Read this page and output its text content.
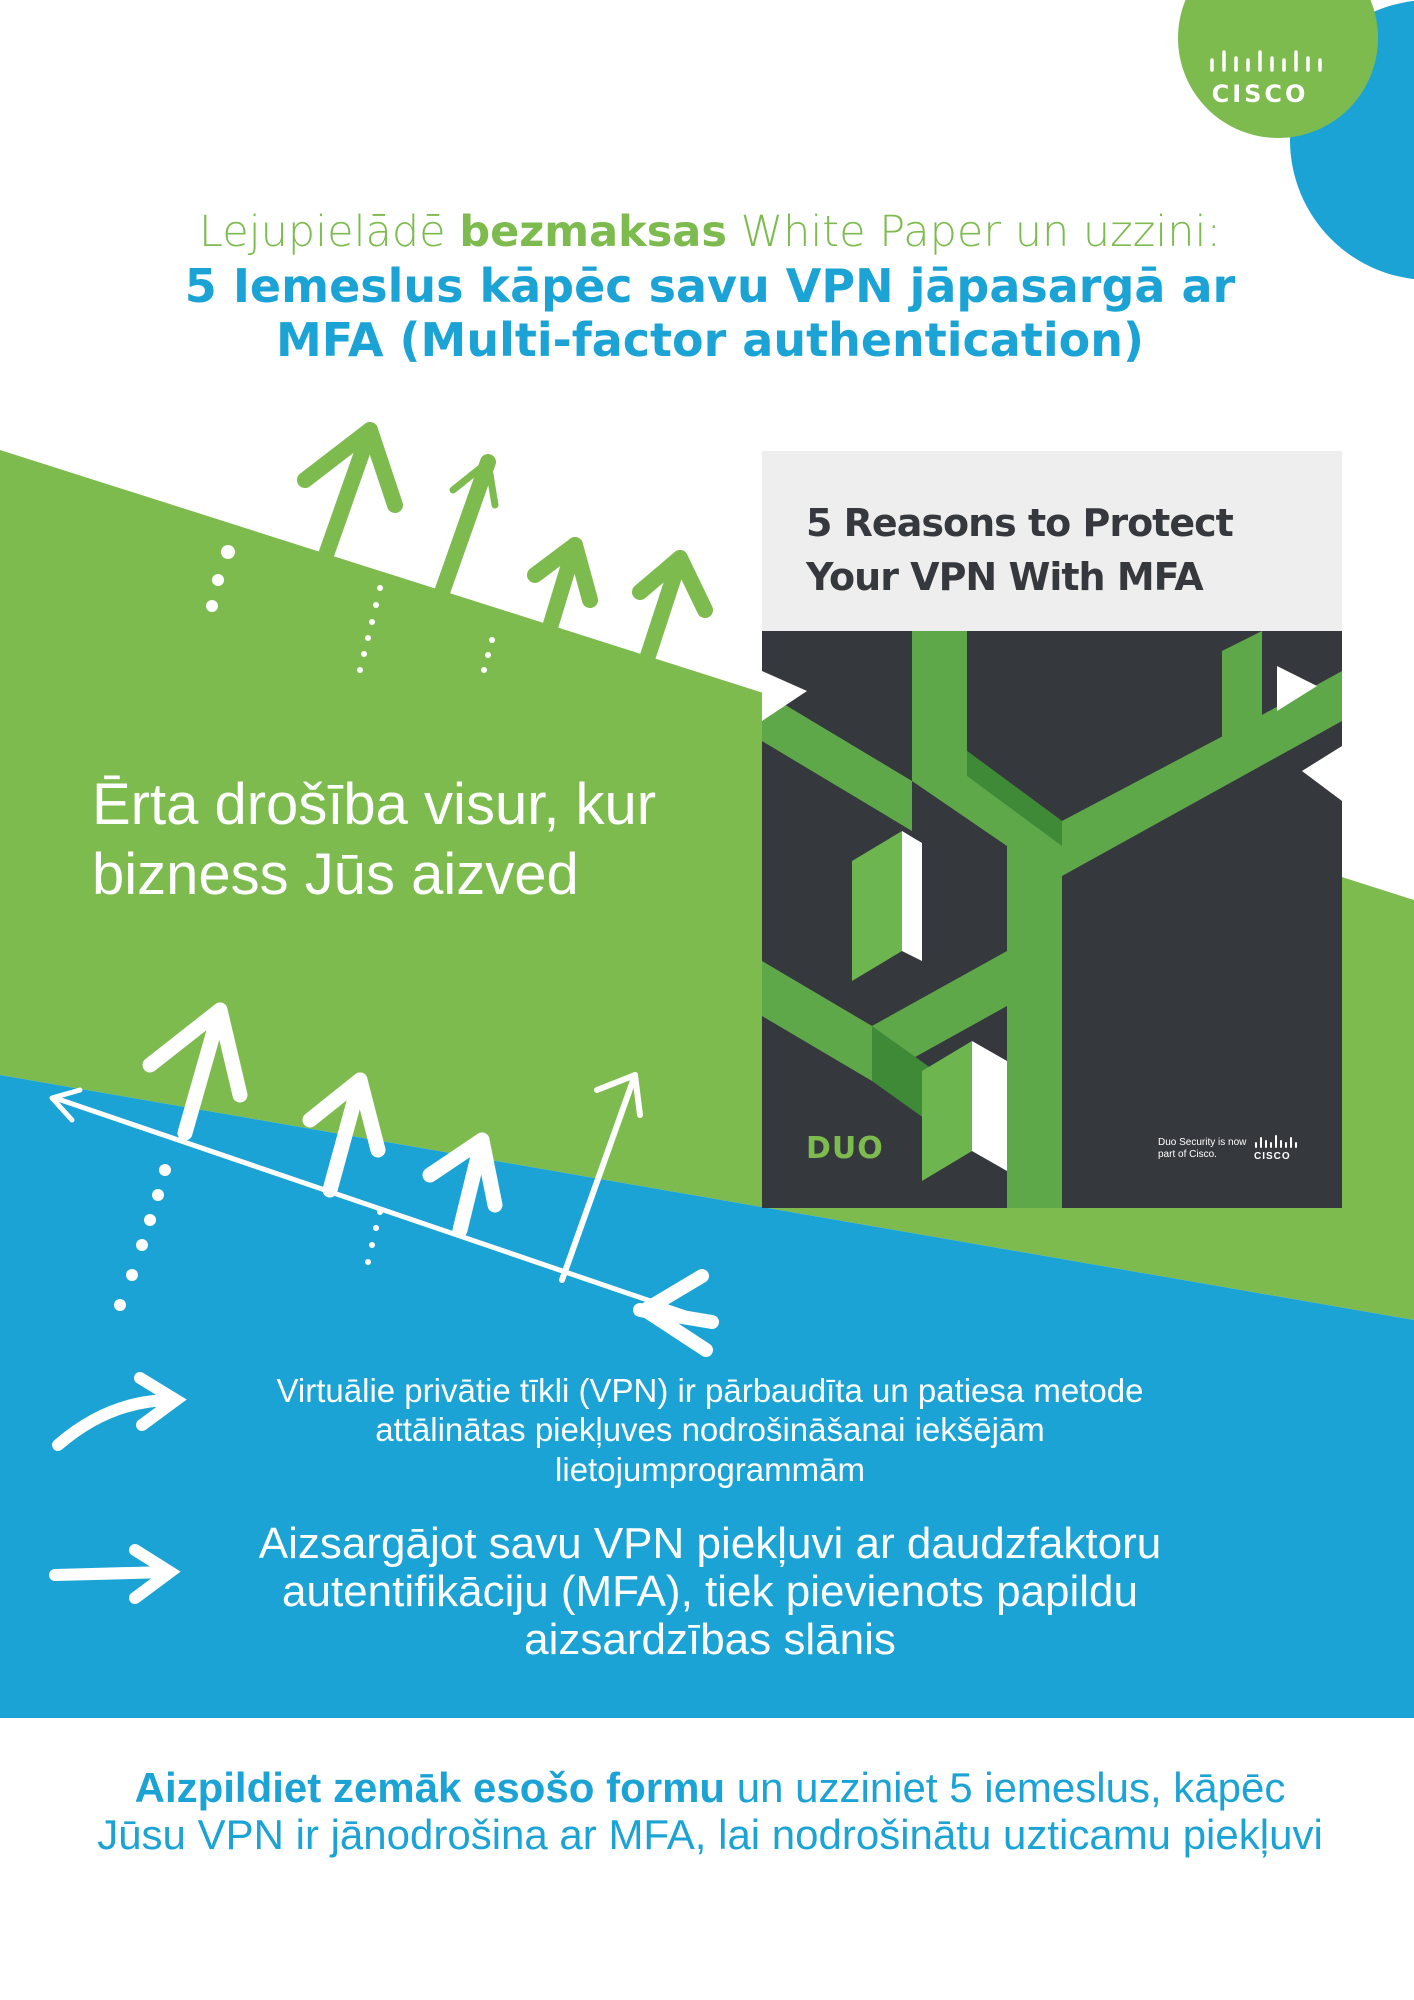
CISCO
Lejupielādē bezmaksas White Paper un uzzini:
5 Iemeslus kāpēc savu VPN jāpasargā ar
MFA (Multi-factor authentication)
Ērta drošība visur, kur bizness Jūs aizved
5 Reasons to Protect
Your VPN With MFA
DUO	Duo Security is now part of Cisco.	CISCO
Virtuālie privātie tīkli (VPN) ir pārbaudīta un patiesa metode
attālinātas piekļuves nodrošināšanai iekšējām lietojumprogrammām
Aizsargājot savu VPN piekļuvi ar daudzfaktoru autentifikāciju (MFA), tiek pievienots papildu aizsardzības slānis
Aizpildiet zemāk esošo formu un uzziniet 5 iemeslus, kāpēc Jūsu VPN ir jānodrošina ar MFA, lai nodrošinātu uzticamu piekļuvi
